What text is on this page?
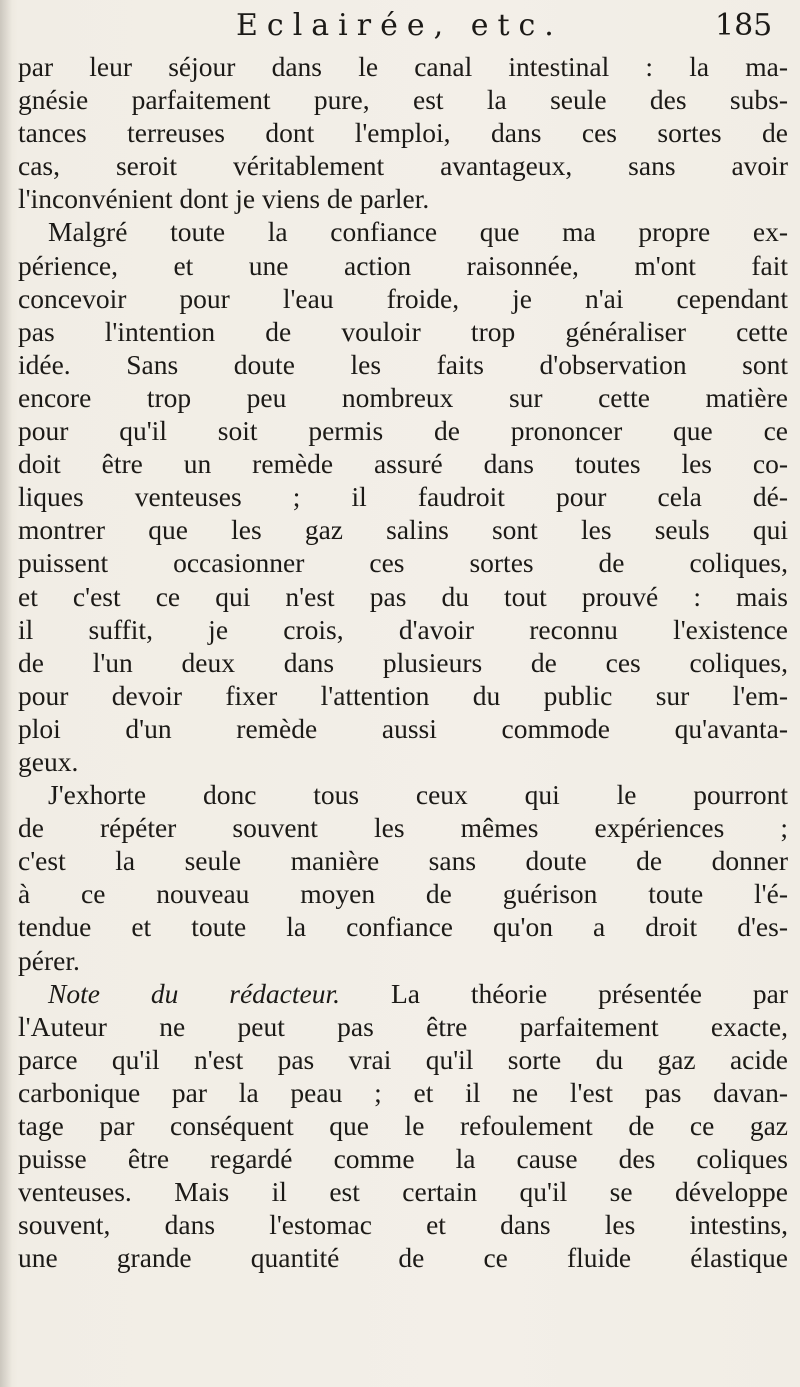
Eclairée, etc.	185
par leur séjour dans le canal intestinal : la ma-
gnésie parfaitement pure, est la seule des subs-
tances terreuses dont l'emploi, dans ces sortes de
cas, seroit véritablement avantageux, sans avoir
l'inconvénient dont je viens de parler.
Malgré toute la confiance que ma propre ex-
périence, et une action raisonnée, m'ont fait
concevoir pour l'eau froide, je n'ai cependant
pas l'intention de vouloir trop généraliser cette
idée. Sans doute les faits d'observation sont
encore trop peu nombreux sur cette matière
pour qu'il soit permis de prononcer que ce
doit être un remède assuré dans toutes les co-
liques venteuses ; il faudroit pour cela dé-
montrer que les gaz salins sont les seuls qui
puissent occasionner ces sortes de coliques,
et c'est ce qui n'est pas du tout prouvé : mais
il suffit, je crois, d'avoir reconnu l'existence
de l'un deux dans plusieurs de ces coliques,
pour devoir fixer l'attention du public sur l'em-
ploi d'un remède aussi commode qu'avanta-
geux.
J'exhorte donc tous ceux qui le pourront
de répéter souvent les mêmes expériences ;
c'est la seule manière sans doute de donner
à ce nouveau moyen de guérison toute l'é-
tendue et toute la confiance qu'on a droit d'es-
pérer.
Note du rédacteur. La théorie présentée par
l'Auteur ne peut pas être parfaitement exacte,
parce qu'il n'est pas vrai qu'il sorte du gaz acide
carbonique par la peau ; et il ne l'est pas davan-
tage par conséquent que le refoulement de ce gaz
puisse être regardé comme la cause des coliques
venteuses. Mais il est certain qu'il se développe
souvent, dans l'estomac et dans les intestins,
une grande quantité de ce fluide élastique
